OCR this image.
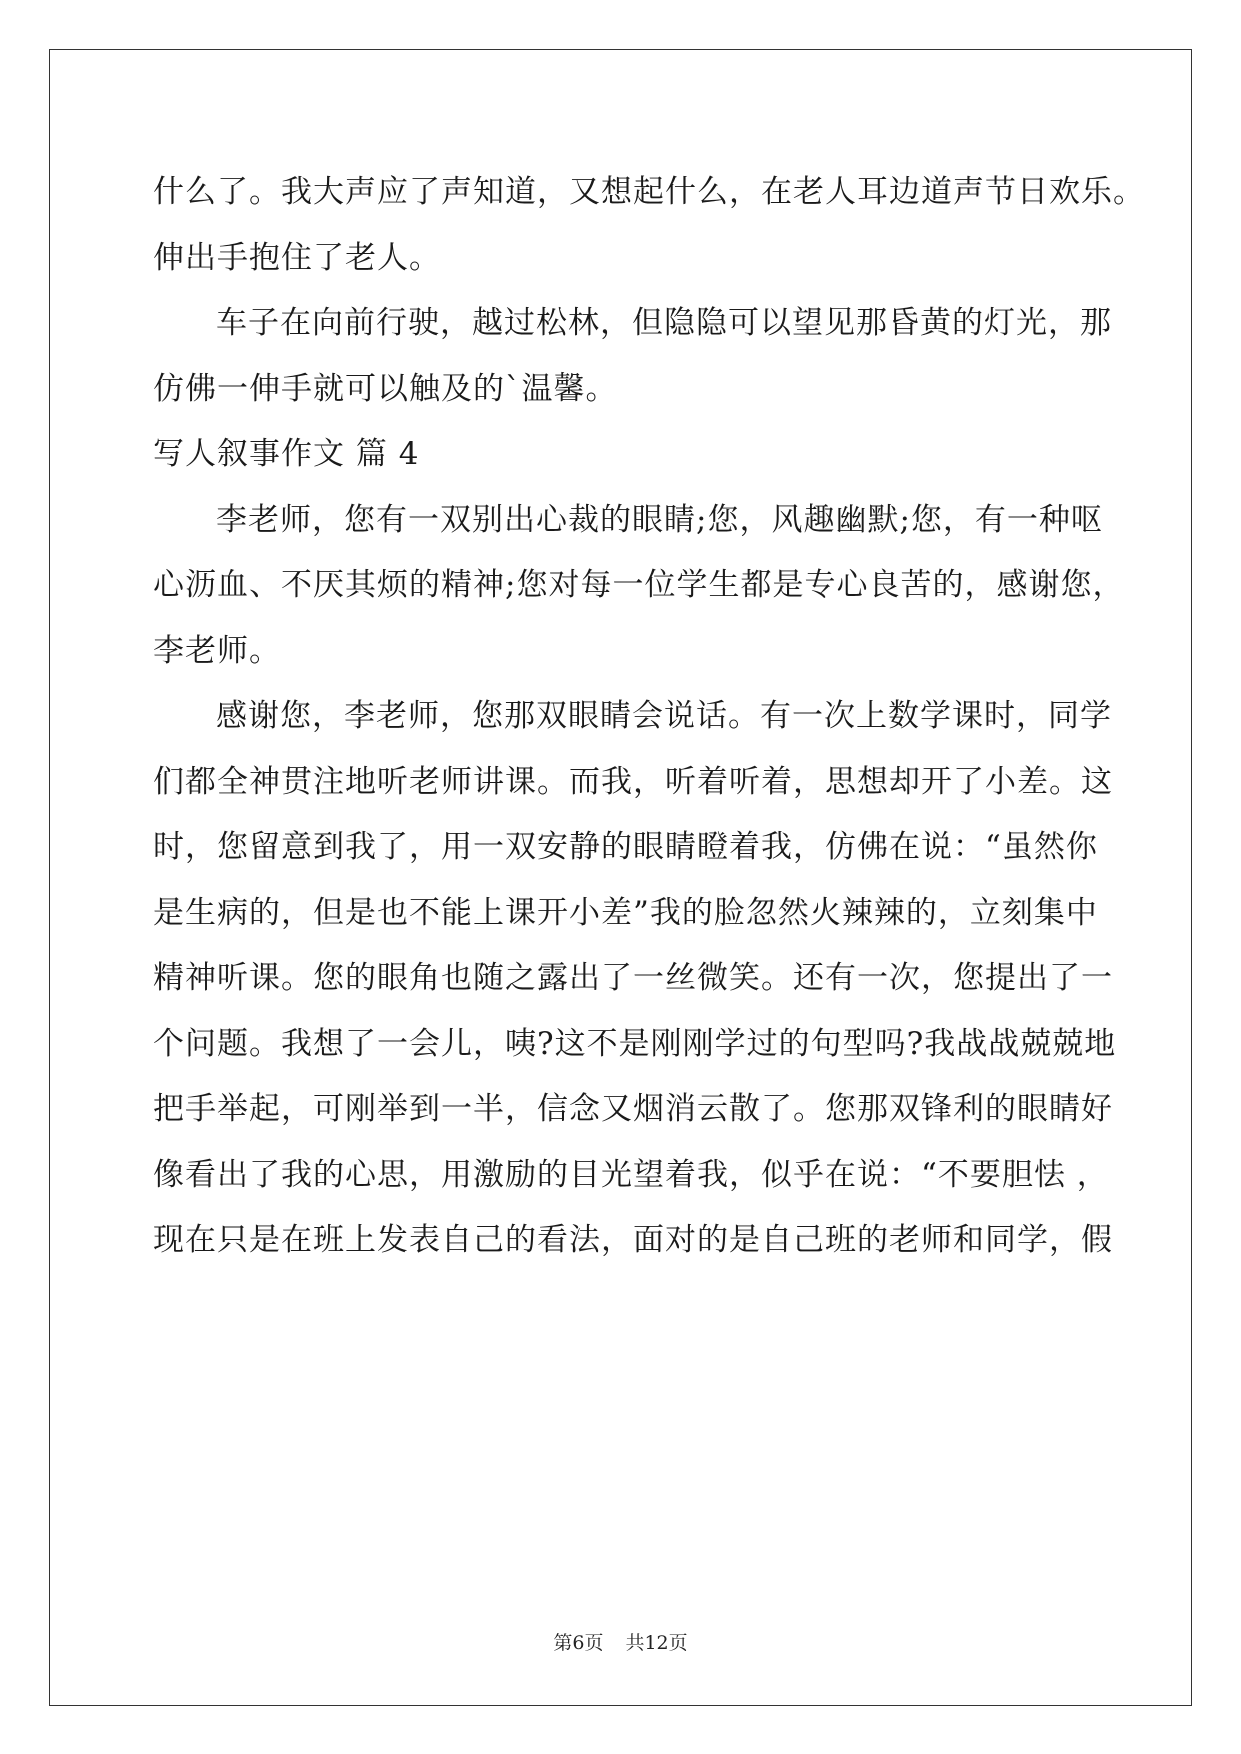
什么了。我大声应了声知道，又想起什么，在老人耳边道声节日欢乐。
伸出手抱住了老人。
车子在向前行驶，越过松林，但隐隐可以望见那昏黄的灯光，那
仿佛一伸手就可以触及的`温馨。
写人叙事作文 篇 4
李老师，您有一双别出心裁的眼睛;您，风趣幽默;您，有一种呕
心沥血、不厌其烦的精神;您对每一位学生都是专心良苦的，感谢您，
李老师。
感谢您，李老师，您那双眼睛会说话。有一次上数学课时，同学
们都全神贯注地听老师讲课。而我，听着听着，思想却开了小差。这
时，您留意到我了，用一双安静的眼睛瞪着我，仿佛在说：“虽然你
是生病的，但是也不能上课开小差”我的脸忽然火辣辣的，立刻集中
精神听课。您的眼角也随之露出了一丝微笑。还有一次，您提出了一
个问题。我想了一会儿，咦?这不是刚刚学过的句型吗?我战战兢兢地
把手举起，可刚举到一半，信念又烟消云散了。您那双锋利的眼睛好
像看出了我的心思，用激励的目光望着我，似乎在说：“不要胆怯 ，
现在只是在班上发表自己的看法，面对的是自己班的老师和同学，假
第6页 共12页
